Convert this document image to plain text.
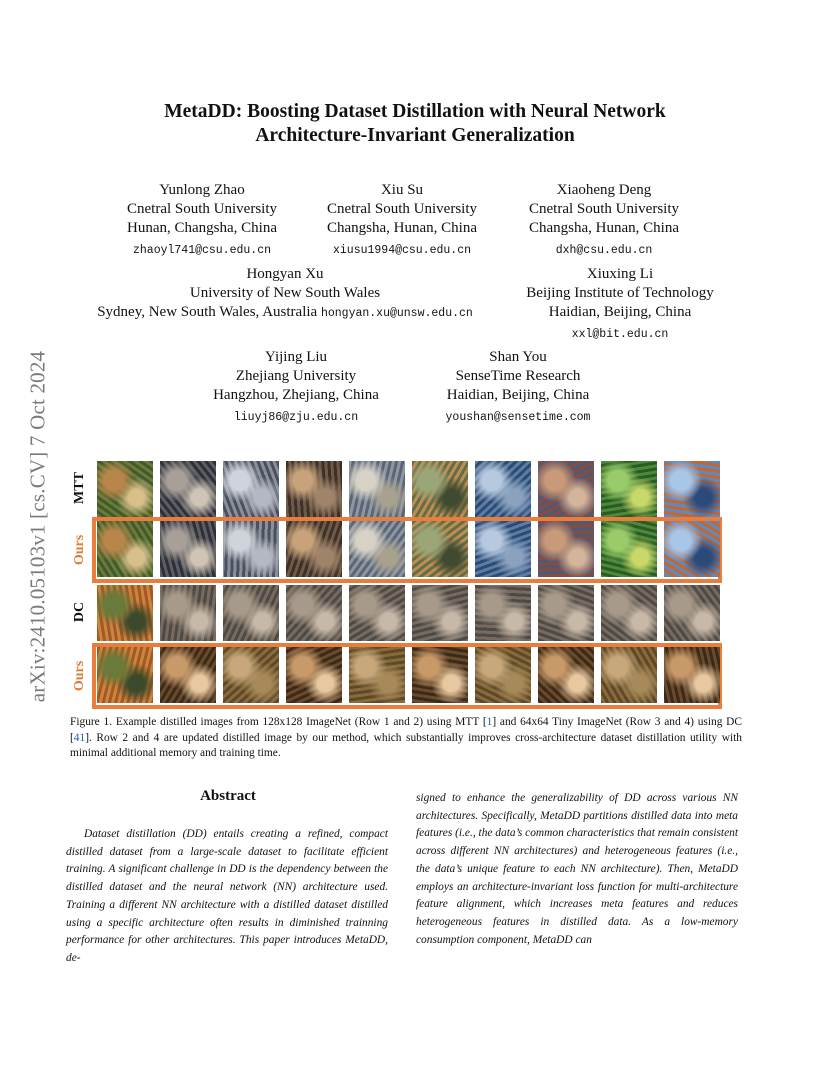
arXiv:2410.05103v1 [cs.CV] 7 Oct 2024
MetaDD: Boosting Dataset Distillation with Neural Network Architecture-Invariant Generalization
Yunlong Zhao
Cnetral South University
Hunan, Changsha, China
zhaoyl741@csu.edu.cn
Xiu Su
Cnetral South University
Changsha, Hunan, China
xiusu1994@csu.edu.cn
Xiaoheng Deng
Cnetral South University
Changsha, Hunan, China
dxh@csu.edu.cn
Hongyan Xu
University of New South Wales
Sydney, New South Wales, Australia hongyan.xu@unsw.edu.cn
Xiuxing Li
Beijing Institute of Technology
Haidian, Beijing, China
xxl@bit.edu.cn
Yijing Liu
Zhejiang University
Hangzhou, Zhejiang, China
liuyj86@zju.edu.cn
Shan You
SenseTime Research
Haidian, Beijing, China
youshan@sensetime.com
MTT
Ours
DC
Ours
Figure 1. Example distilled images from 128x128 ImageNet (Row 1 and 2) using MTT [1] and 64x64 Tiny ImageNet (Row 3 and 4) using DC [41]. Row 2 and 4 are updated distilled image by our method, which substantially improves cross-architecture dataset distillation utility with minimal additional memory and training time.
Abstract

Dataset distillation (DD) entails creating a refined, compact distilled dataset from a large-scale dataset to facilitate efficient training. A significant challenge in DD is the dependency between the distilled dataset and the neural network (NN) architecture used. Training a different NN architecture with a distilled dataset distilled using a specific architecture often results in diminished trainning performance for other architectures. This paper introduces MetaDD, de-

signed to enhance the generalizability of DD across various NN architectures. Specifically, MetaDD partitions distilled data into meta features (i.e., the data’s common characteristics that remain consistent across different NN architectures) and heterogeneous features (i.e., the data’s unique feature to each NN architecture). Then, MetaDD employs an architecture-invariant loss function for multi-architecture feature alignment, which increases meta features and reduces heterogeneous features in distilled data. As a low-memory consumption component, MetaDD can
